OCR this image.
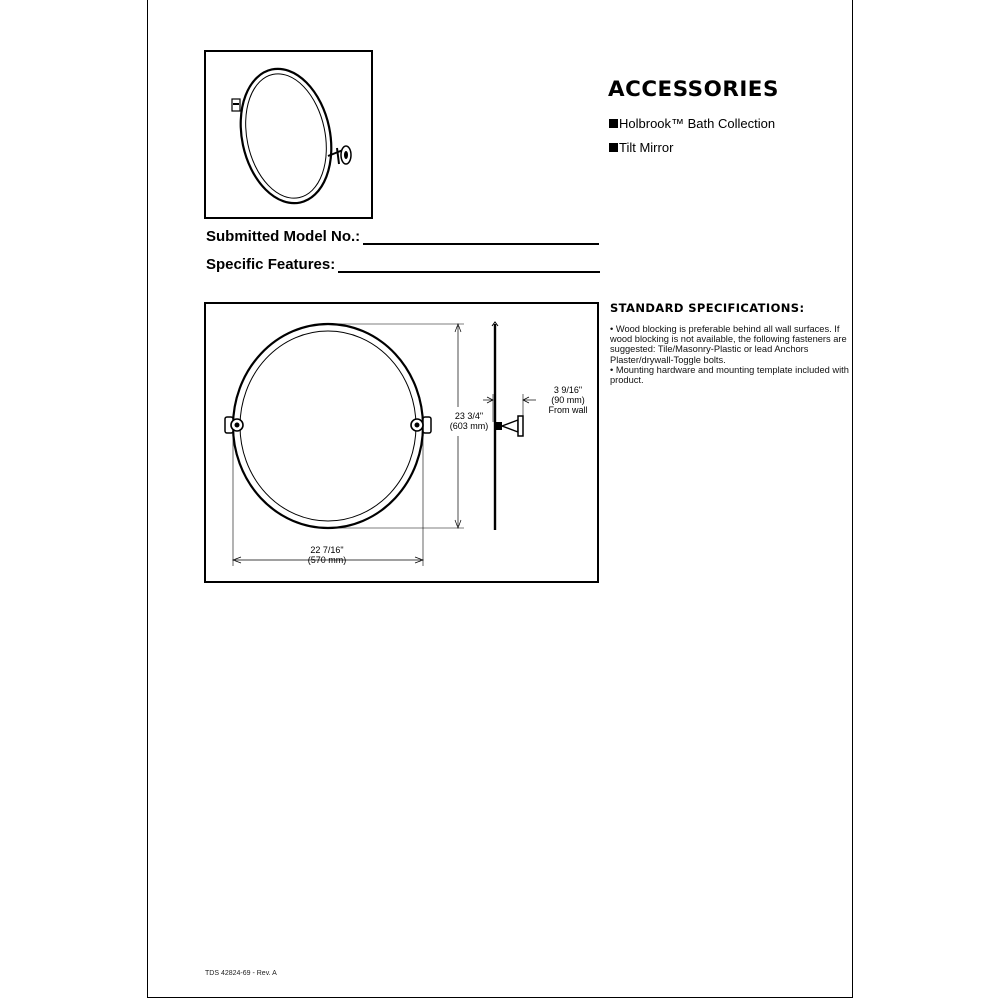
ACCESSORIES
Holbrook™ Bath Collection
Tilt Mirror
Submitted Model No.:
Specific Features:
23 3/4"
(603 mm)
22 7/16"
(570 mm)
3 9/16"
(90 mm)
From wall
STANDARD SPECIFICATIONS:

• Wood blocking is preferable behind all wall surfaces. If wood blocking is not available, the following fasteners are suggested: Tile/Masonry-Plastic or lead Anchors Plaster/drywall-Toggle bolts.

• Mounting hardware and mounting template included with product.

TDS 42824-69 - Rev. A
